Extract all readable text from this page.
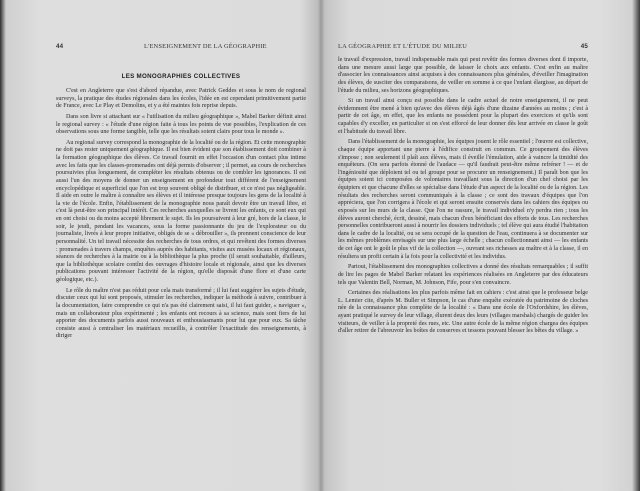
44	L'ENSEIGNEMENT DE LA GÉOGRAPHIE
LES MONOGRAPHIES COLLECTIVES

C'est en Angleterre que s'est d'abord répandue, avec Patrick Geddes et sous le nom de regional surveys, la pratique des études régionales dans les écoles, l'idée en est cependant primitivement partie de France, avec Le Play et Demolins, et y a été maintes fois reprise depuis.

Dans son livre si attachant sur « l'utilisation du milieu géographique », Mabel Barker définit ainsi le regional survey : « l'étude d'une région faite à tous les points de vue possibles, l'explication de ces observations sous une forme tangible, telle que les résultats soient clairs pour tous le monde ».

Au regional survey correspond la monographie de la localité ou de la région. Et cette monographie ne doit pas rester uniquement géographique. Il est bien évident que son établissement doit combiner à la formation géographique des élèves. Ce travail fournit en effet l'occasion d'un contact plus intime avec les faits que les classes-promenades ont déjà permis d'observer ; il permet, au cours de recherches poursuivies plus longuement, de compléter les résultats obtenus ou de combler les ignorances. Il est aussi l'un des moyens de donner un enseignement en profondeur tout différent de l'enseignement encyclopédique et superficiel que l'on est trop souvent obligé de distribuer, et ce n'est pas négligeable. Il aide en outre le maître à connaître ses élèves et il intéresse presque toujours les gens de la localité à la vie de l'école. Enfin, l'établissement de la monographie nous paraît devoir être un travail libre, et c'est là peut-être son principal intérêt. Ces recherches auxquelles se livrent les enfants, ce sont eux qui en ont choisi ou du moins accepté librement le sujet. Ils les poursuivent à leur gré, hors de la classe, le soir, le jeudi, pendant les vacances, sous la forme passionnante du jeu de l'explorateur ou du journaliste, livrés à leur propre initiative, obligés de se « débrouiller », ils prennent conscience de leur personnalité. Un tel travail nécessite des recherches de tous ordres, et qui revêtent des formes diverses : promenades à travers champs, enquêtes auprès des habitants, visites aux musées locaux et régionaux, séances de recherches à la mairie ou à la bibliothèque la plus proche (il serait souhaitable, d'ailleurs, que la bibliothèque scolaire contînt des ouvrages d'histoire locale et régionale, ainsi que les diverses publications pouvant intéresser l'activité de la région, qu'elle disposât d'une flore et d'une carte géologique, etc.).

Le rôle du maître n'est pas réduit pour cela mais transformé ; il lui faut suggérer les sujets d'étude, discuter ceux qui lui sont proposés, stimuler les recherches, indiquer la méthode à suivre, contribuer à la documentation, faire comprendre ce qui n'a pas été clairement saisi, il lui faut guider, « naviguer », mais un collaborateur plus expérimenté ; les enfants ont recours à sa science, mais sont fiers de lui apporter des documents parfois aussi nouveaux et enthousiasmants pour lui que pour eux. Sa tâche consiste aussi à centraliser les matériaux recueillis, à contrôler l'exactitude des renseignements, à diriger

LA GÉOGRAPHIE ET L'ÉTUDE DU MILIEU	45

le travail d'expression, travail indispensable mais qui peut revêtir des formes diverses dont il importe, dans une mesure aussi large que possible, de laisser le choix aux enfants. C'est enfin au maître d'associer les connaissances ainsi acquises à des connaissances plus générales, d'éveiller l'imagination des élèves, de susciter des comparaisons, de veiller en somme à ce que l'enfant élargisse, au départ de l'étude du milieu, ses horizons géographiques.

Si un travail ainsi conçu est possible dans le cadre actuel de notre enseignement, il ne peut évidemment être mené à bien qu'avec des élèves déjà âgés d'une dizaine d'années au moins ; c'est à partir de cet âge, en effet, que les enfants ne possèdent pour la plupart des exercices et qu'ils sont capables d'y exceller, en particulier si on s'est efforcé de leur donner dès leur arrivée en classe le goût et l'habitude du travail libre.

Dans l'établissement de la monographie, les équipes jouent le rôle essentiel ; l'œuvre est collective, chaque équipe apportant une pierre à l'édifice construit en commun. Ce groupement des élèves s'impose ; non seulement il plaît aux élèves, mais il éveille l'émulation, aide à vaincre la timidité des enquêteurs. (On sera parfois étonné de l'audace — qu'il faudrait peut-être même refréner ! — et de l'ingéniosité que déploient tel ou tel groupe pour se procurer un renseignement.) Il paraît bon que les équipes soient ici composées de volontaires travaillant sous la direction d'un chef choisi par les équipiers et que chacune d'elles se spécialise dans l'étude d'un aspect de la localité ou de la région. Les résultats des recherches seront communiqués à la classe ; ce sont des travaux d'équipes que l'on appréciera, que l'on corrigera à l'école et qui seront ensuite conservés dans les cahiers des équipes ou exposés sur les murs de la classe. Que l'on ne rassure, le travail individuel n'y perdra rien ; tous les élèves auront cherché, écrit, dessiné, mais chacun d'eux bénéficiant des efforts de tous. Les recherches personnelles contribueront aussi à nourrir les dossiers individuels ; tel élève qui aura étudié l'habitation dans le cadre de la localité, ou se sera occupé de la question de l'eau, continuera à se documenter sur les mêmes problèmes envisagés sur une plus large échelle ; chacun collectionnant ainsi — les enfants de cet âge ont le goût le plus vif de la collection —, ouvrant ses richesses au maître et à la classe, il en résultera un profit certain à la fois pour la collectivité et les individus.

Partout, l'établissement des monographies collectives a donné des résultats remarquables ; il suffit de lire les pages de Mabel Barker relatant les expériences réalisées en Angleterre par des éducateurs tels que Valentin Bell, Norman, M. Johnson, Fife, pour s'en convaincre.

Certaines des réalisations les plus parfois même fait en cahiers : c'est ainsi que le professeur belge L. Lemier cite, d'après M. Buller et Simpson, le cas d'une enquête exécutée du patrimoine de cloches née de la connaissance plus complète de la localité : « Dans une école de l'Oxfordshire, les élèves, ayant pratiqué le survey de leur village, élurent deux des leurs (villages marshals) chargés de guider les visiteurs, de veiller à la propreté des rues, etc. Une autre école de la même région chargea des équipes d'aller retirer de l'abreuvoir les boîtes de conserves et tessons pouvant blesser les bêtes du village. »
